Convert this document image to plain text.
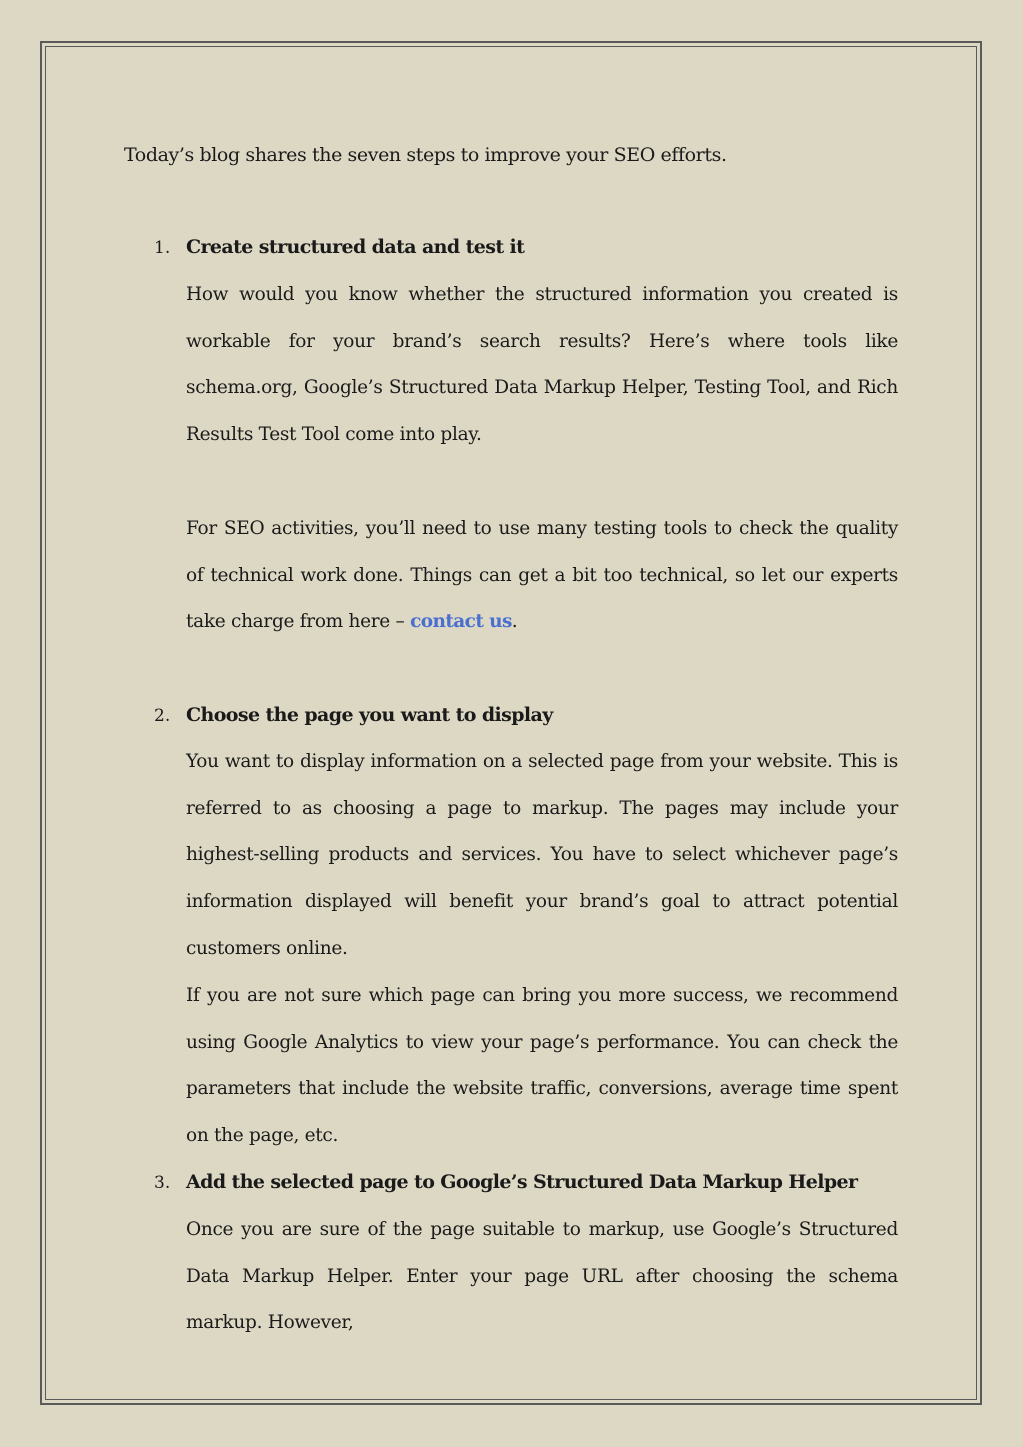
Today’s blog shares the seven steps to improve your SEO efforts.
1. Create structured data and test it
How would you know whether the structured information you created is workable for your brand’s search results? Here’s where tools like schema.org, Google’s Structured Data Markup Helper, Testing Tool, and Rich Results Test Tool come into play.
For SEO activities, you’ll need to use many testing tools to check the quality of technical work done. Things can get a bit too technical, so let our experts take charge from here – contact us.
2. Choose the page you want to display
You want to display information on a selected page from your website. This is referred to as choosing a page to markup. The pages may include your highest-selling products and services. You have to select whichever page’s information displayed will benefit your brand’s goal to attract potential customers online.
If you are not sure which page can bring you more success, we recommend using Google Analytics to view your page’s performance. You can check the parameters that include the website traffic, conversions, average time spent on the page, etc.
3. Add the selected page to Google’s Structured Data Markup Helper
Once you are sure of the page suitable to markup, use Google’s Structured Data Markup Helper. Enter your page URL after choosing the schema markup. However,
